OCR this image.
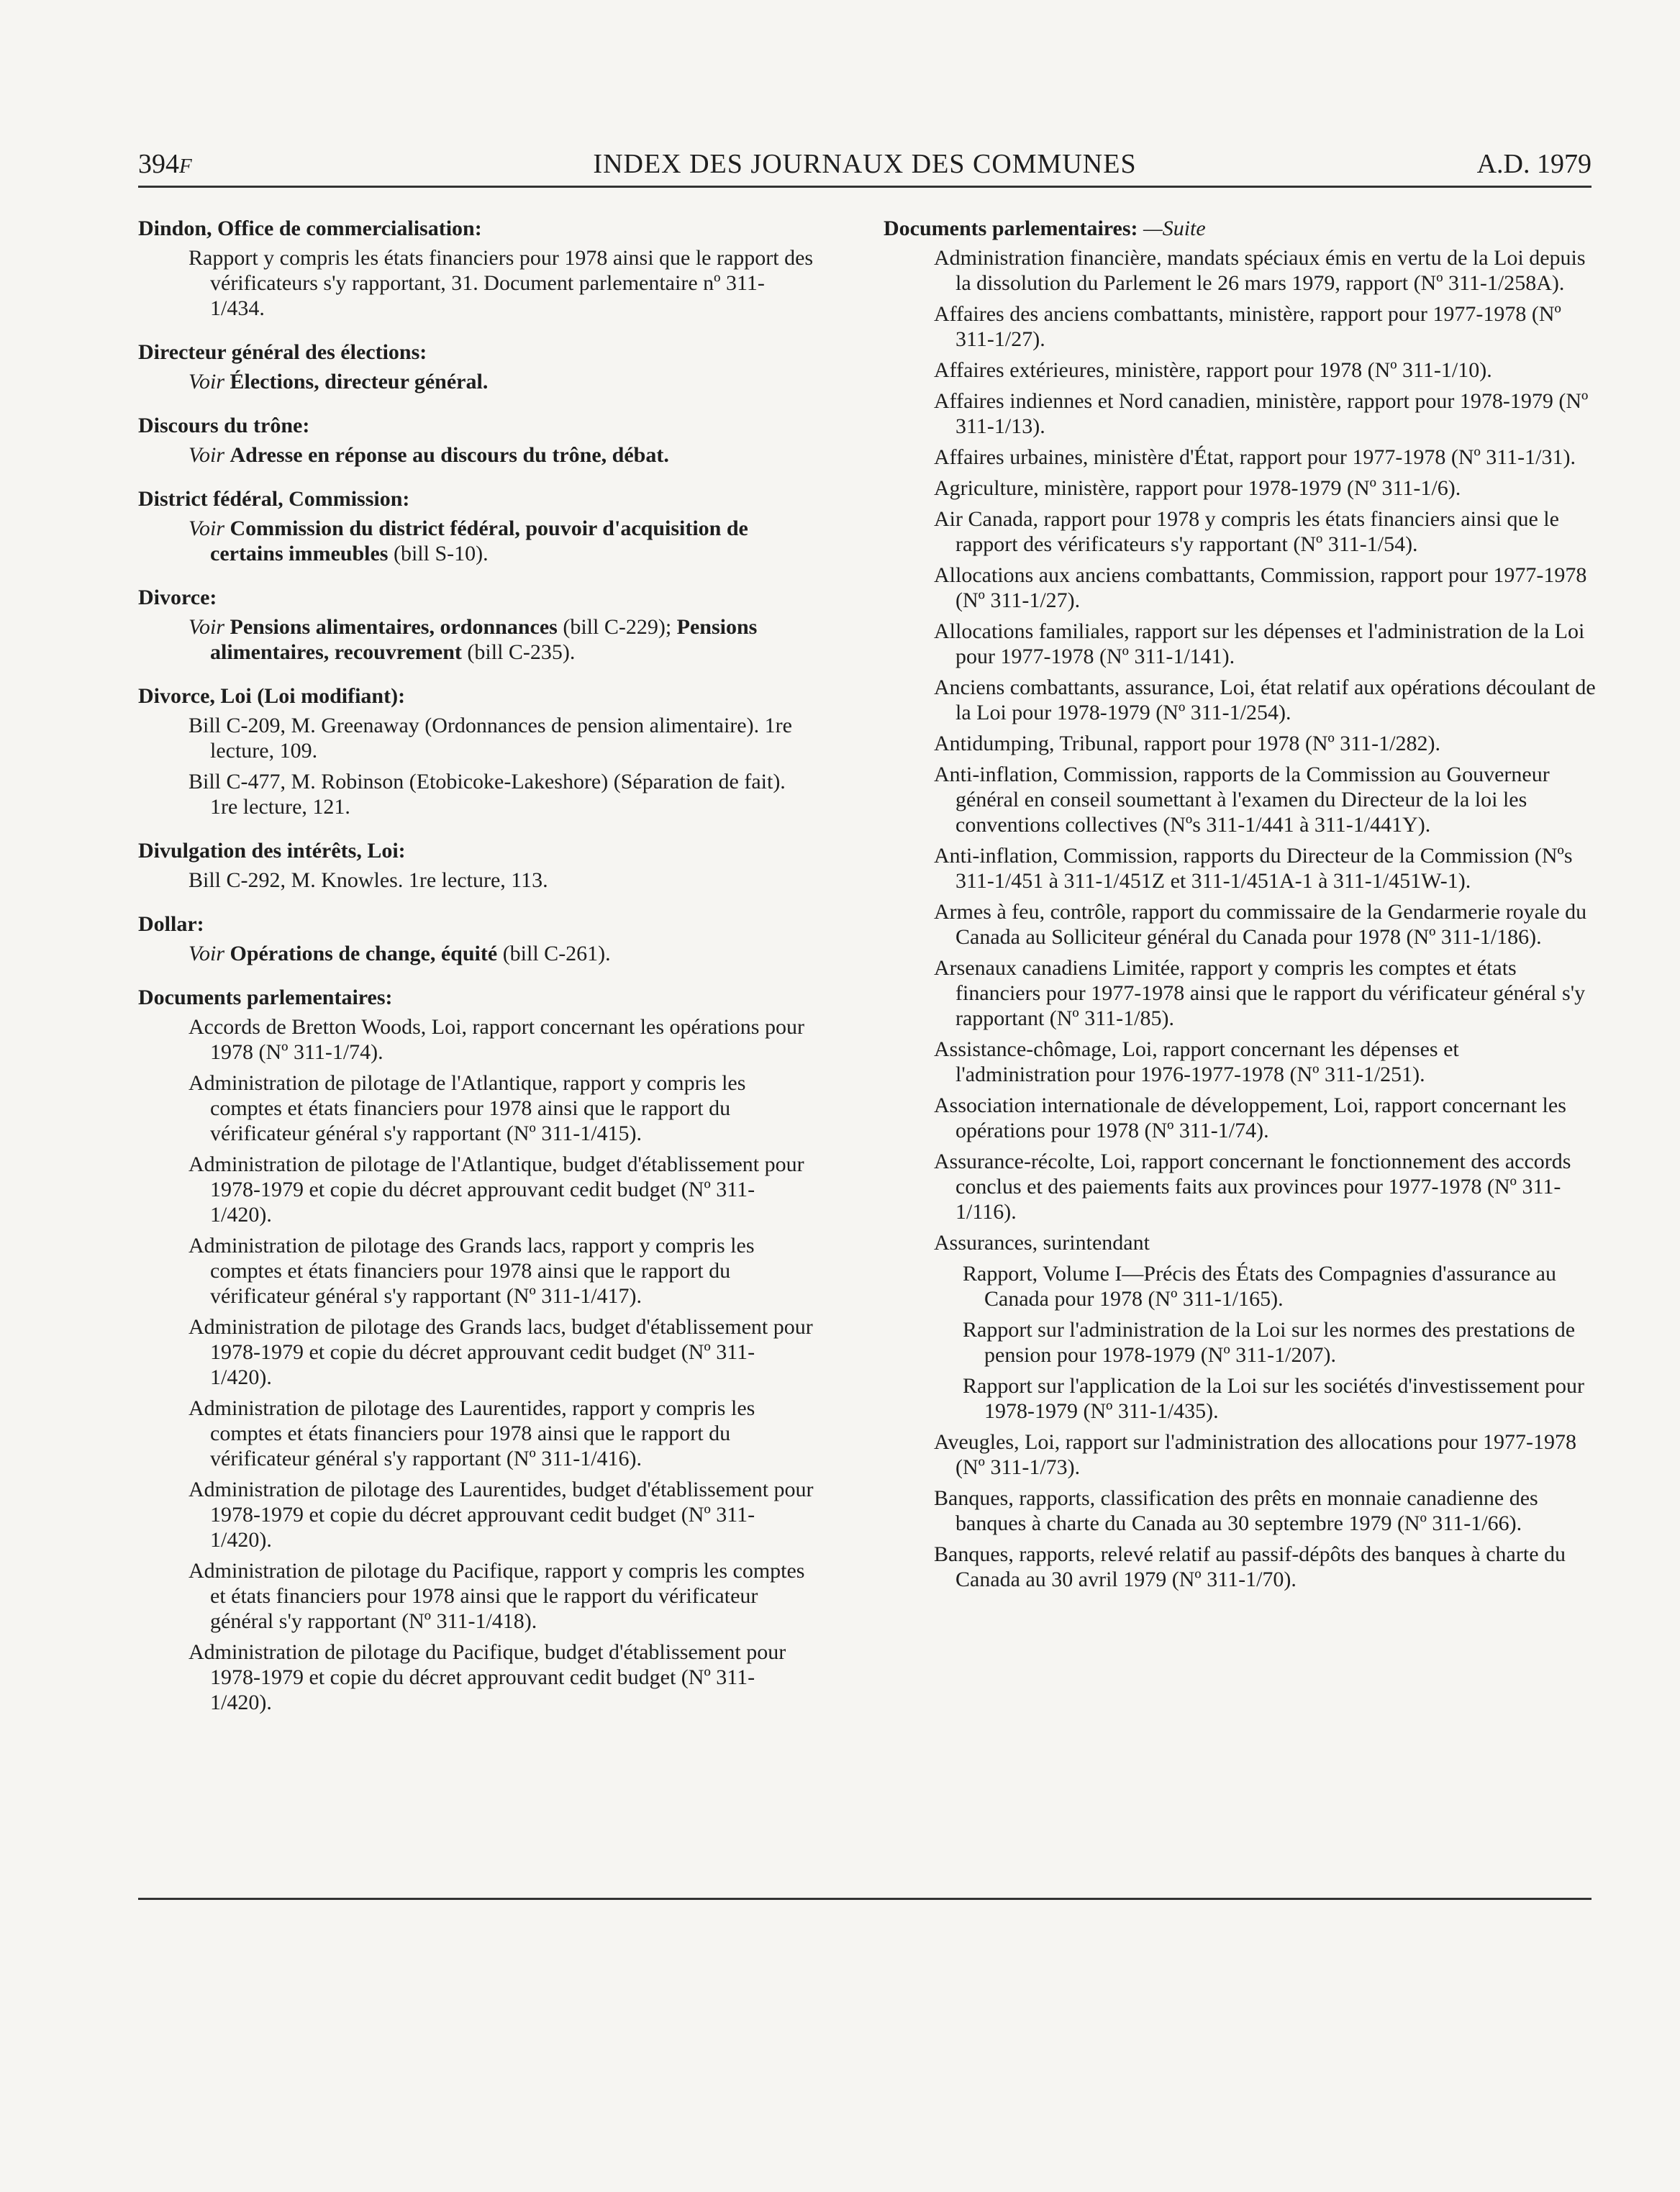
394F	INDEX DES JOURNAUX DES COMMUNES	A.D. 1979
Dindon, Office de commercialisation:
Rapport y compris les états financiers pour 1978 ainsi que le rapport des vérificateurs s'y rapportant, 31. Document parlementaire nº 311-1/434.
Directeur général des élections:
Voir Élections, directeur général.
Discours du trône:
Voir Adresse en réponse au discours du trône, débat.
District fédéral, Commission:
Voir Commission du district fédéral, pouvoir d'acquisition de certains immeubles (bill S-10).
Divorce:
Voir Pensions alimentaires, ordonnances (bill C-229); Pensions alimentaires, recouvrement (bill C-235).
Divorce, Loi (Loi modifiant):
Bill C-209, M. Greenaway (Ordonnances de pension alimentaire). 1re lecture, 109.
Bill C-477, M. Robinson (Etobicoke-Lakeshore) (Séparation de fait). 1re lecture, 121.
Divulgation des intérêts, Loi:
Bill C-292, M. Knowles. 1re lecture, 113.
Dollar:
Voir Opérations de change, équité (bill C-261).
Documents parlementaires:
Accords de Bretton Woods, Loi, rapport concernant les opérations pour 1978 (Nº 311-1/74).
Administration de pilotage de l'Atlantique, rapport y compris les comptes et états financiers pour 1978 ainsi que le rapport du vérificateur général s'y rapportant (Nº 311-1/415).
Administration de pilotage de l'Atlantique, budget d'établissement pour 1978-1979 et copie du décret approuvant cedit budget (Nº 311-1/420).
Administration de pilotage des Grands lacs, rapport y compris les comptes et états financiers pour 1978 ainsi que le rapport du vérificateur général s'y rapportant (Nº 311-1/417).
Administration de pilotage des Grands lacs, budget d'établissement pour 1978-1979 et copie du décret approuvant cedit budget (Nº 311-1/420).
Administration de pilotage des Laurentides, rapport y compris les comptes et états financiers pour 1978 ainsi que le rapport du vérificateur général s'y rapportant (Nº 311-1/416).
Administration de pilotage des Laurentides, budget d'établissement pour 1978-1979 et copie du décret approuvant cedit budget (Nº 311-1/420).
Administration de pilotage du Pacifique, rapport y compris les comptes et états financiers pour 1978 ainsi que le rapport du vérificateur général s'y rapportant (Nº 311-1/418).
Administration de pilotage du Pacifique, budget d'établissement pour 1978-1979 et copie du décret approuvant cedit budget (Nº 311-1/420).
Documents parlementaires: —Suite
Administration financière, mandats spéciaux émis en vertu de la Loi depuis la dissolution du Parlement le 26 mars 1979, rapport (Nº 311-1/258A).
Affaires des anciens combattants, ministère, rapport pour 1977-1978 (Nº 311-1/27).
Affaires extérieures, ministère, rapport pour 1978 (Nº 311-1/10).
Affaires indiennes et Nord canadien, ministère, rapport pour 1978-1979 (Nº 311-1/13).
Affaires urbaines, ministère d'État, rapport pour 1977-1978 (Nº 311-1/31).
Agriculture, ministère, rapport pour 1978-1979 (Nº 311-1/6).
Air Canada, rapport pour 1978 y compris les états financiers ainsi que le rapport des vérificateurs s'y rapportant (Nº 311-1/54).
Allocations aux anciens combattants, Commission, rapport pour 1977-1978 (Nº 311-1/27).
Allocations familiales, rapport sur les dépenses et l'administration de la Loi pour 1977-1978 (Nº 311-1/141).
Anciens combattants, assurance, Loi, état relatif aux opérations découlant de la Loi pour 1978-1979 (Nº 311-1/254).
Antidumping, Tribunal, rapport pour 1978 (Nº 311-1/282).
Anti-inflation, Commission, rapports de la Commission au Gouverneur général en conseil soumettant à l'examen du Directeur de la loi les conventions collectives (Nºs 311-1/441 à 311-1/441Y).
Anti-inflation, Commission, rapports du Directeur de la Commission (Nºs 311-1/451 à 311-1/451Z et 311-1/451A-1 à 311-1/451W-1).
Armes à feu, contrôle, rapport du commissaire de la Gendarmerie royale du Canada au Solliciteur général du Canada pour 1978 (Nº 311-1/186).
Arsenaux canadiens Limitée, rapport y compris les comptes et états financiers pour 1977-1978 ainsi que le rapport du vérificateur général s'y rapportant (Nº 311-1/85).
Assistance-chômage, Loi, rapport concernant les dépenses et l'administration pour 1976-1977-1978 (Nº 311-1/251).
Association internationale de développement, Loi, rapport concernant les opérations pour 1978 (Nº 311-1/74).
Assurance-récolte, Loi, rapport concernant le fonctionnement des accords conclus et des paiements faits aux provinces pour 1977-1978 (Nº 311-1/116).
Assurances, surintendant
Rapport, Volume I—Précis des États des Compagnies d'assurance au Canada pour 1978 (Nº 311-1/165).
Rapport sur l'administration de la Loi sur les normes des prestations de pension pour 1978-1979 (Nº 311-1/207).
Rapport sur l'application de la Loi sur les sociétés d'investissement pour 1978-1979 (Nº 311-1/435).
Aveugles, Loi, rapport sur l'administration des allocations pour 1977-1978 (Nº 311-1/73).
Banques, rapports, classification des prêts en monnaie canadienne des banques à charte du Canada au 30 septembre 1979 (Nº 311-1/66).
Banques, rapports, relevé relatif au passif-dépôts des banques à charte du Canada au 30 avril 1979 (Nº 311-1/70).
